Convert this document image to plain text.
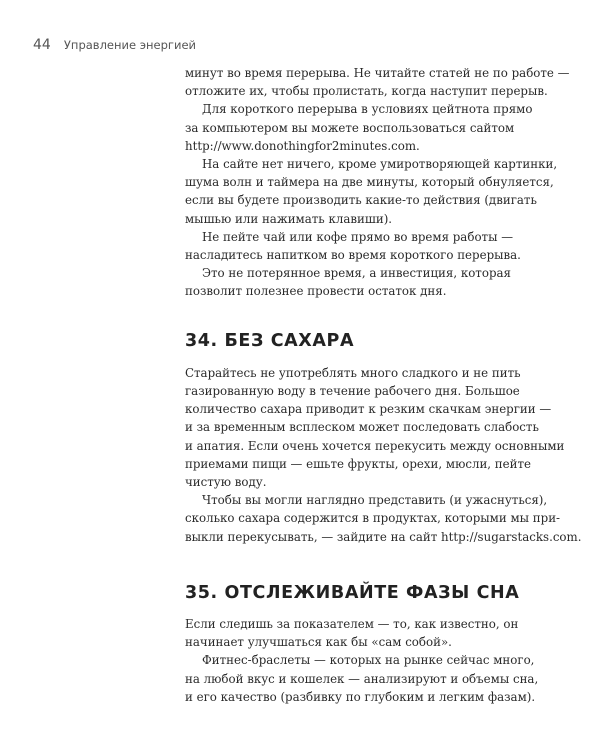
44 Управление энергией
минут во время перерыва. Не читайте статей не по работе —
отложите их, чтобы пролистать, когда наступит перерыв.
Для короткого перерыва в условиях цейтнота прямо
за компьютером вы можете воспользоваться сайтом
http://www.donothingfor2minutes.com.
На сайте нет ничего, кроме умиротворяющей картинки,
шума волн и таймера на две минуты, который обнуляется,
если вы будете производить какие-то действия (двигать
мышью или нажимать клавиши).
Не пейте чай или кофе прямо во время работы —
насладитесь напитком во время короткого перерыва.
Это не потерянное время, а инвестиция, которая
позволит полезнее провести остаток дня.
34. БЕЗ САХАРА
Старайтесь не употреблять много сладкого и не пить
газированную воду в течение рабочего дня. Большое
количество сахара приводит к резким скачкам энергии —
и за временным всплеском может последовать слабость
и апатия. Если очень хочется перекусить между основными
приемами пищи — ешьте фрукты, орехи, мюсли, пейте
чистую воду.
Чтобы вы могли наглядно представить (и ужаснуться),
сколько сахара содержится в продуктах, которыми мы при-
выкли перекусывать, — зайдите на сайт http://sugarstacks.com.
35. ОТСЛЕЖИВАЙТЕ ФАЗЫ СНА
Если следишь за показателем — то, как известно, он
начинает улучшаться как бы «сам собой».
Фитнес-браслеты — которых на рынке сейчас много,
на любой вкус и кошелек — анализируют и объемы сна,
и его качество (разбивку по глубоким и легким фазам).
